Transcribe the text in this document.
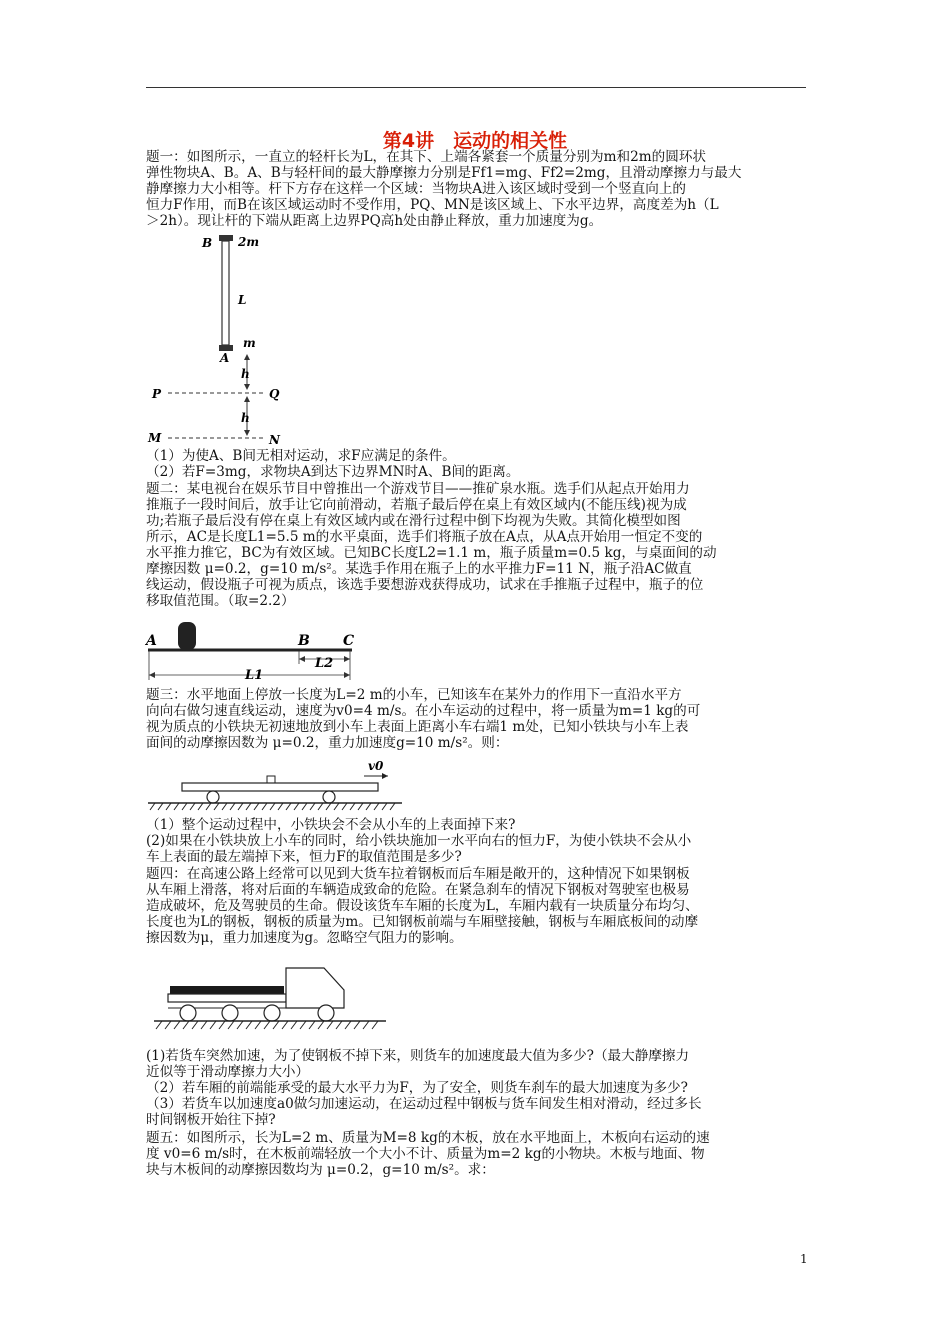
第4讲　运动的相关性
题一：如图所示，一直立的轻杆长为L，在其下、上端各紧套一个质量分别为m和2m的圆环状
弹性物块A、B。A、B与轻杆间的最大静摩擦力分别是Ff1=mg、Ff2=2mg，且滑动摩擦力与最大
静摩擦力大小相等。杆下方存在这样一个区域：当物块A进入该区域时受到一个竖直向上的
恒力F作用，而B在该区域运动时不受作用，PQ、MN是该区域上、下水平边界，高度差为h（L
＞2h）。现让杆的下端从距离上边界PQ高h处由静止释放，重力加速度为g。
B 2m
L
m
A
h
P	Q
h
M	N
（1）为使A、B间无相对运动，求F应满足的条件。
（2）若F=3mg，求物块A到达下边界MN时A、B间的距离。
题二：某电视台在娱乐节目中曾推出一个游戏节目——推矿泉水瓶。选手们从起点开始用力
推瓶子一段时间后，放手让它向前滑动，若瓶子最后停在桌上有效区域内(不能压线)视为成
功;若瓶子最后没有停在桌上有效区域内或在滑行过程中倒下均视为失败。其简化模型如图
所示，AC是长度L1=5.5 m的水平桌面，选手们将瓶子放在A点，从A点开始用一恒定不变的
水平推力推它，BC为有效区域。已知BC长度L2=1.1 m，瓶子质量m=0.5 kg，与桌面间的动
摩擦因数 μ=0.2，g=10 m/s²。某选手作用在瓶子上的水平推力F=11 N，瓶子沿AC做直
线运动，假设瓶子可视为质点，该选手要想游戏获得成功，试求在手推瓶子过程中，瓶子的位
移取值范围。（取=2.2）
A	B C
L2
L1
题三：水平地面上停放一长度为L=2 m的小车，已知该车在某外力的作用下一直沿水平方
向向右做匀速直线运动，速度为v0=4 m/s。在小车运动的过程中，将一质量为m=1 kg的可
视为质点的小铁块无初速地放到小车上表面上距离小车右端1 m处，已知小铁块与小车上表
面间的动摩擦因数为 μ=0.2，重力加速度g=10 m/s²。则：
v0
（1）整个运动过程中，小铁块会不会从小车的上表面掉下来?
(2)如果在小铁块放上小车的同时，给小铁块施加一水平向右的恒力F，为使小铁块不会从小
车上表面的最左端掉下来，恒力F的取值范围是多少?
题四：在高速公路上经常可以见到大货车拉着钢板而后车厢是敞开的，这种情况下如果钢板
从车厢上滑落，将对后面的车辆造成致命的危险。在紧急刹车的情况下钢板对驾驶室也极易
造成破坏，危及驾驶员的生命。假设该货车车厢的长度为L，车厢内载有一块质量分布均匀、
长度也为L的钢板，钢板的质量为m。已知钢板前端与车厢壁接触，钢板与车厢底板间的动摩
擦因数为μ，重力加速度为g。忽略空气阻力的影响。
(1)若货车突然加速，为了使钢板不掉下来，则货车的加速度最大值为多少?（最大静摩擦力
近似等于滑动摩擦力大小）
（2）若车厢的前端能承受的最大水平力为F，为了安全，则货车刹车的最大加速度为多少?
（3）若货车以加速度a0做匀加速运动，在运动过程中钢板与货车间发生相对滑动，经过多长
时间钢板开始往下掉?
题五：如图所示，长为L=2 m、质量为M=8 kg的木板，放在水平地面上，木板向右运动的速
度 v0=6 m/s时，在木板前端轻放一个大小不计、质量为m=2 kg的小物块。木板与地面、物
块与木板间的动摩擦因数均为 μ=0.2，g=10 m/s²。求：
1
